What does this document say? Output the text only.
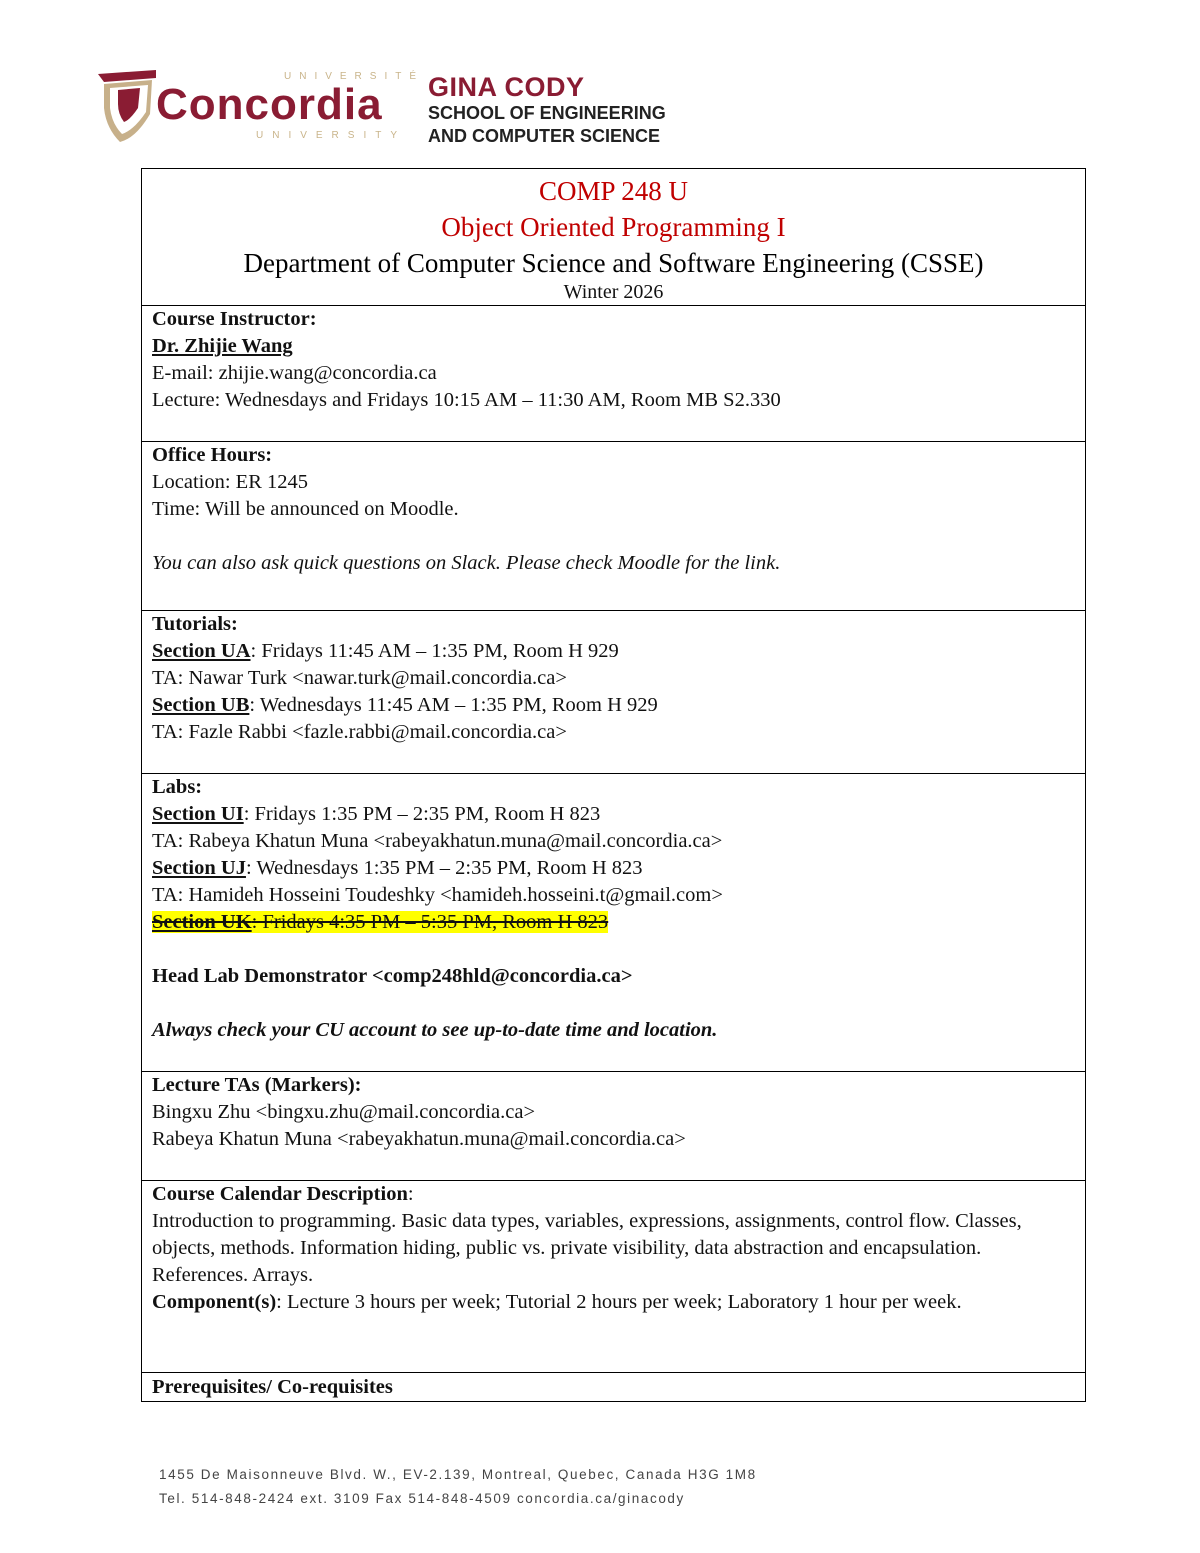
UNIVERSITÉ
Concordia
UNIVERSITY
GINA CODY
SCHOOL OF ENGINEERING
AND COMPUTER SCIENCE
COMP 248 U
Object Oriented Programming I
Department of Computer Science and Software Engineering (CSSE)
Winter 2026
Course Instructor:
Dr. Zhijie Wang
E-mail: zhijie.wang@concordia.ca
Lecture: Wednesdays and Fridays 10:15 AM – 11:30 AM, Room MB S2.330
Office Hours:
Location: ER 1245
Time: Will be announced on Moodle.
You can also ask quick questions on Slack. Please check Moodle for the link.
Tutorials:
Section UA: Fridays 11:45 AM – 1:35 PM, Room H 929
TA: Nawar Turk <nawar.turk@mail.concordia.ca>
Section UB: Wednesdays 11:45 AM – 1:35 PM, Room H 929
TA: Fazle Rabbi <fazle.rabbi@mail.concordia.ca>
Labs:
Section UI: Fridays 1:35 PM – 2:35 PM, Room H 823
TA: Rabeya Khatun Muna <rabeyakhatun.muna@mail.concordia.ca>
Section UJ: Wednesdays 1:35 PM – 2:35 PM, Room H 823
TA: Hamideh Hosseini Toudeshky <hamideh.hosseini.t@gmail.com>
Section UK: Fridays 4:35 PM – 5:35 PM, Room H 823
Head Lab Demonstrator <comp248hld@concordia.ca>
Always check your CU account to see up-to-date time and location.
Lecture TAs (Markers):
Bingxu Zhu <bingxu.zhu@mail.concordia.ca>
Rabeya Khatun Muna <rabeyakhatun.muna@mail.concordia.ca>
Course Calendar Description:
Introduction to programming. Basic data types, variables, expressions, assignments, control flow. Classes, objects, methods. Information hiding, public vs. private visibility, data abstraction and encapsulation. References. Arrays.
Component(s): Lecture 3 hours per week; Tutorial 2 hours per week; Laboratory 1 hour per week.
Prerequisites/ Co-requisites
1455 De Maisonneuve Blvd. W., EV-2.139, Montreal, Quebec, Canada H3G 1M8
Tel. 514-848-2424 ext. 3109 Fax 514-848-4509 concordia.ca/ginacody
